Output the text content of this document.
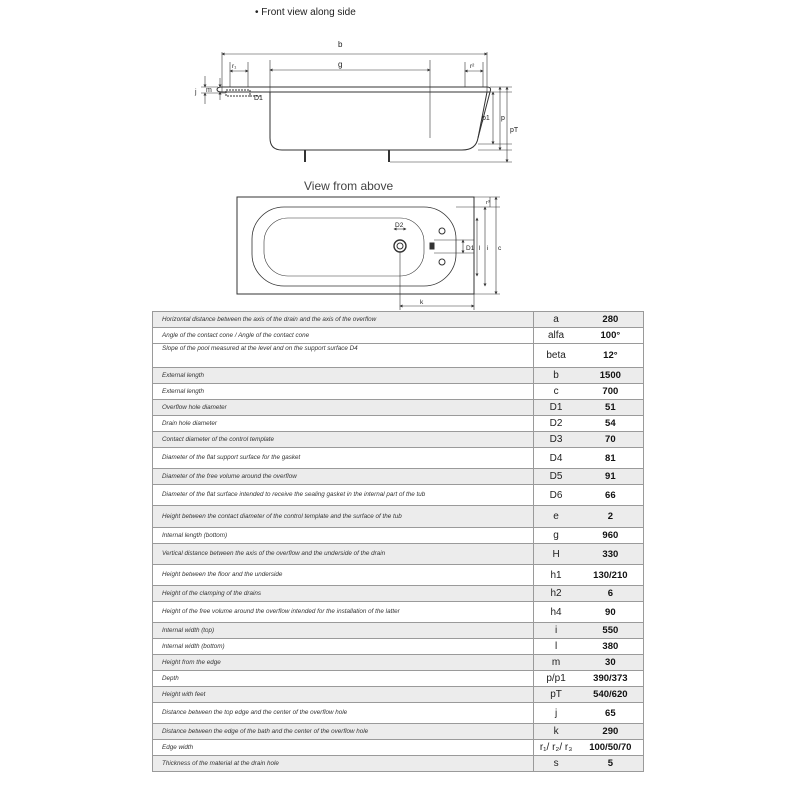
• Front view along side
View from above
b
g
r₁	r²
j m
D1
p1 p
pT
r³
D2
D1 l i c
k
Horizontal distance between the axis of the drain and the axis of the overflow	a	280
Angle of the contact cone / Angle of the contact cone	alfa	100°
Slope of the pool measured at the level and on the support surface D4	beta	12°
External length	b	1500
External length	c	700
Overflow hole diameter	D1	51
Drain hole diameter	D2	54
Contact diameter of the control template	D3	70
Diameter of the flat support surface for the gasket	D4	81
Diameter of the free volume around the overflow	D5	91
Diameter of the flat surface intended to receive the sealing gasket in the internal part of the tub	D6	66
Height between the contact diameter of the control template and the surface of the tub	e	2
Internal length (bottom)	g	960
Vertical distance between the axis of the overflow and the underside of the drain	H	330
Height between the floor and the underside	h1	130/210
Height of the clamping of the drains	h2	6
Height of the free volume around the overflow intended for the installation of the latter	h4	90
Internal width (top)	i	550
Internal width (bottom)	l	380
Height from the edge	m	30
Depth	p/p1	390/373
Height with feet	pT	540/620
Distance between the top edge and the center of the overflow hole	j	65
Distance between the edge of the bath and the center of the overflow hole	k	290
Edge width	r₁/ r₂/ r₃	100/50/70
Thickness of the material at the drain hole	s	5
